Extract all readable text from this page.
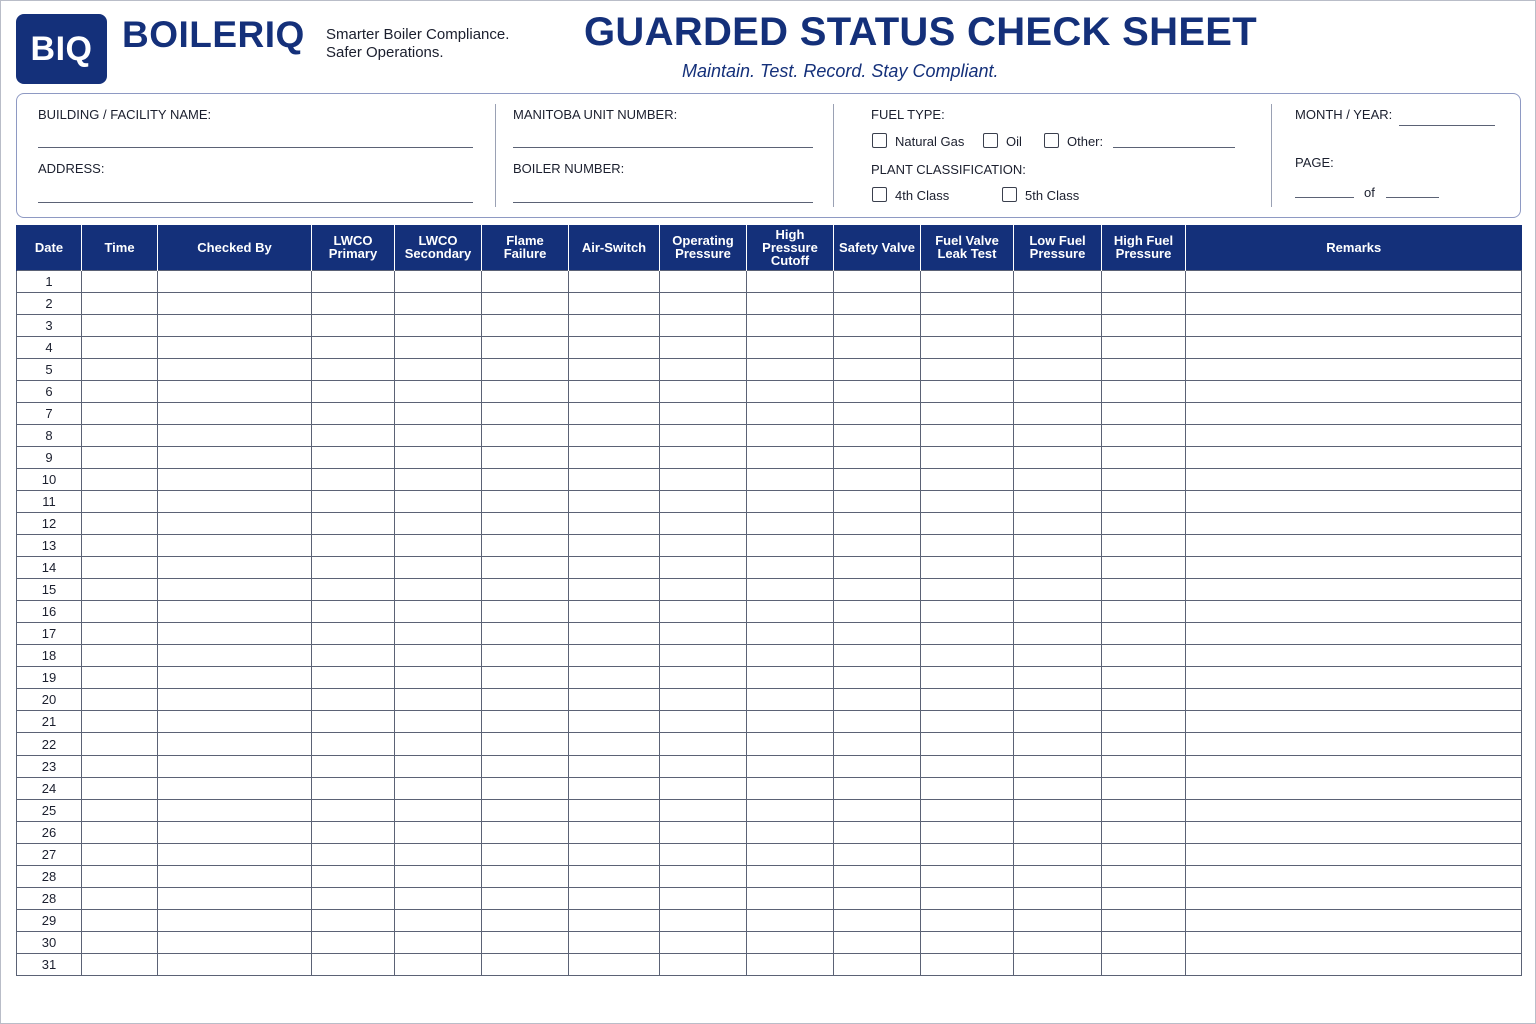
BIQ BOILERIQ Smarter Boiler Compliance.
Safer Operations.	GUARDED STATUS CHECK SHEET
Maintain. Test. Record. Stay Compliant.
BUILDING / FACILITY NAME:
ADDRESS:
MANITOBA UNIT NUMBER:
BOILER NUMBER:
FUEL TYPE:
Natural Gas	Oil	Other:
PLANT CLASSIFICATION:
4th Class	5th Class
MONTH / YEAR:
PAGE:
of
Date	Time	Checked By	LWCO Primary	LWCO Secondary	Flame Failure	Air-Switch	Operating Pressure	High Pressure Cutoff	Safety Valve	Fuel Valve Leak Test	Low Fuel Pressure	High Fuel Pressure	Remarks
1													
2													
3													
4													
5													
6													
7													
8													
9													
10													
11													
12													
13													
14													
15													
16													
17													
18													
19													
20													
21													
22													
23													
24													
25													
26													
27													
28													
28													
29													
30													
31													
